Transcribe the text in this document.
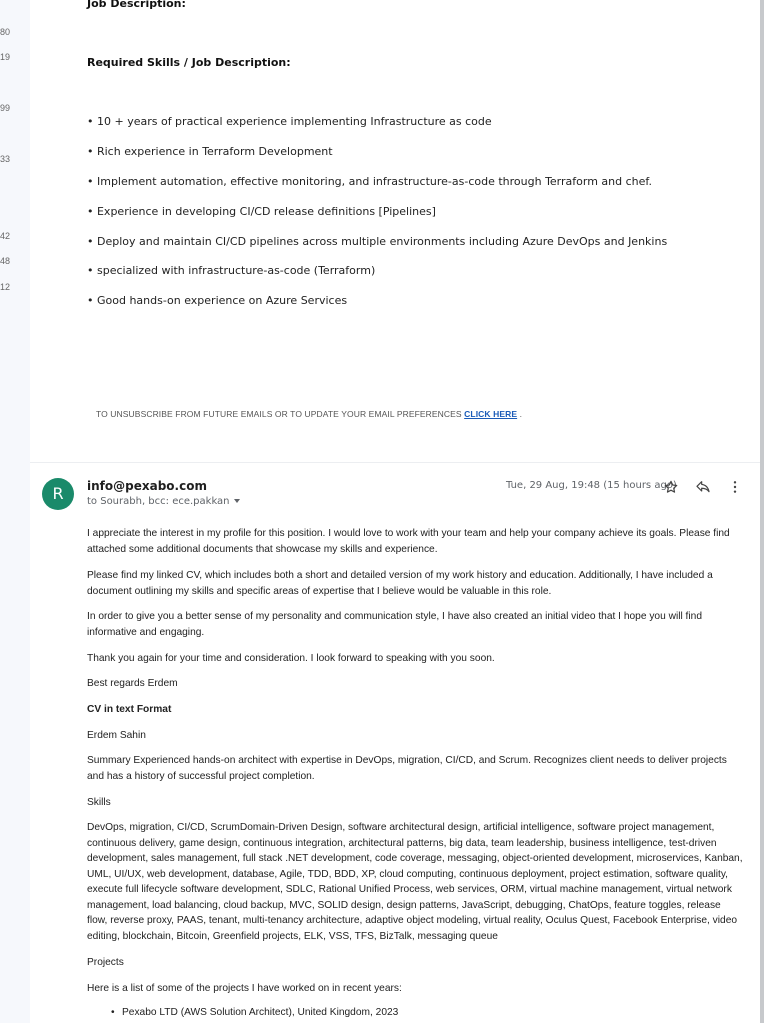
80
19
99
33
42
48
12
Job Description:
Required Skills / Job Description:
• 10 + years of practical experience implementing Infrastructure as code
• Rich experience in Terraform Development
• Implement automation, effective monitoring, and infrastructure-as-code through Terraform and chef.
• Experience in developing CI/CD release definitions [Pipelines]
• Deploy and maintain CI/CD pipelines across multiple environments including Azure DevOps and Jenkins
• specialized with infrastructure-as-code (Terraform)
• Good hands-on experience on Azure Services
TO UNSUBSCRIBE FROM FUTURE EMAILS OR TO UPDATE YOUR EMAIL PREFERENCES CLICK HERE .
R	info@pexabo.com
to Sourabh, bcc: ece.pakkan
Tue, 29 Aug, 19:48 (15 hours ago)
I appreciate the interest in my profile for this position. I would love to work with your team and help your company achieve its goals. Please find attached some additional documents that showcase my skills and experience.
Please find my linked CV, which includes both a short and detailed version of my work history and education. Additionally, I have included a document outlining my skills and specific areas of expertise that I believe would be valuable in this role.
In order to give you a better sense of my personality and communication style, I have also created an initial video that I hope you will find informative and engaging.
Thank you again for your time and consideration. I look forward to speaking with you soon.
Best regards Erdem
CV in text Format
Erdem Sahin
Summary Experienced hands-on architect with expertise in DevOps, migration, CI/CD, and Scrum. Recognizes client needs to deliver projects and has a history of successful project completion.
Skills
DevOps, migration, CI/CD, ScrumDomain-Driven Design, software architectural design, artificial intelligence, software project management, continuous delivery, game design, continuous integration, architectural patterns, big data, team leadership, business intelligence, test-driven development, sales management, full stack .NET development, code coverage, messaging, object-oriented development, microservices, Kanban, UML, UI/UX, web development, database, Agile, TDD, BDD, XP, cloud computing, continuous deployment, project estimation, software quality, execute full lifecycle software development, SDLC, Rational Unified Process, web services, ORM, virtual machine management, virtual network management, load balancing, cloud backup, MVC, SOLID design, design patterns, JavaScript, debugging, ChatOps, feature toggles, release flow, reverse proxy, PAAS, tenant, multi-tenancy architecture, adaptive object modeling, virtual reality, Oculus Quest, Facebook Enterprise, video editing, blockchain, Bitcoin, Greenfield projects, ELK, VSS, TFS, BizTalk, messaging queue
Projects
Here is a list of some of the projects I have worked on in recent years:
• Pexabo LTD (AWS Solution Architect), United Kingdom, 2023
